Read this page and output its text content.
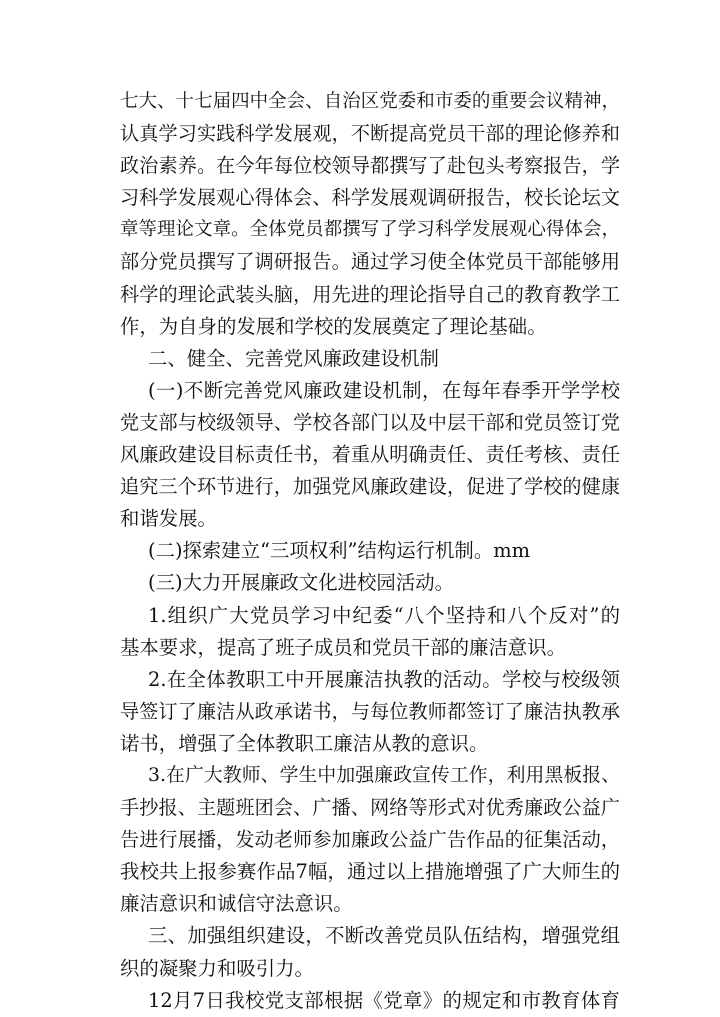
七大、十七届四中全会、自治区党委和市委的重要会议精神，
认真学习实践科学发展观，不断提高党员干部的理论修养和
政治素养。在今年每位校领导都撰写了赴包头考察报告，学
习科学发展观心得体会、科学发展观调研报告，校长论坛文
章等理论文章。全体党员都撰写了学习科学发展观心得体会，
部分党员撰写了调研报告。通过学习使全体党员干部能够用
科学的理论武装头脑，用先进的理论指导自己的教育教学工
作，为自身的发展和学校的发展奠定了理论基础。
二、健全、完善党风廉政建设机制
(一)不断完善党风廉政建设机制，在每年春季开学学校
党支部与校级领导、学校各部门以及中层干部和党员签订党
风廉政建设目标责任书，着重从明确责任、责任考核、责任
追究三个环节进行，加强党风廉政建设，促进了学校的健康
和谐发展。
(二)探索建立“三项权利”结构运行机制。mm
(三)大力开展廉政文化进校园活动。
1.组织广大党员学习中纪委“八个坚持和八个反对”的
基本要求，提高了班子成员和党员干部的廉洁意识。
2.在全体教职工中开展廉洁执教的活动。学校与校级领
导签订了廉洁从政承诺书，与每位教师都签订了廉洁执教承
诺书，增强了全体教职工廉洁从教的意识。
3.在广大教师、学生中加强廉政宣传工作，利用黑板报、
手抄报、主题班团会、广播、网络等形式对优秀廉政公益广
告进行展播，发动老师参加廉政公益广告作品的征集活动，
我校共上报参赛作品7幅，通过以上措施增强了广大师生的
廉洁意识和诚信守法意识。
三、加强组织建设，不断改善党员队伍结构，增强党组
织的凝聚力和吸引力。
12月7日我校党支部根据《党章》的规定和市教育体育
